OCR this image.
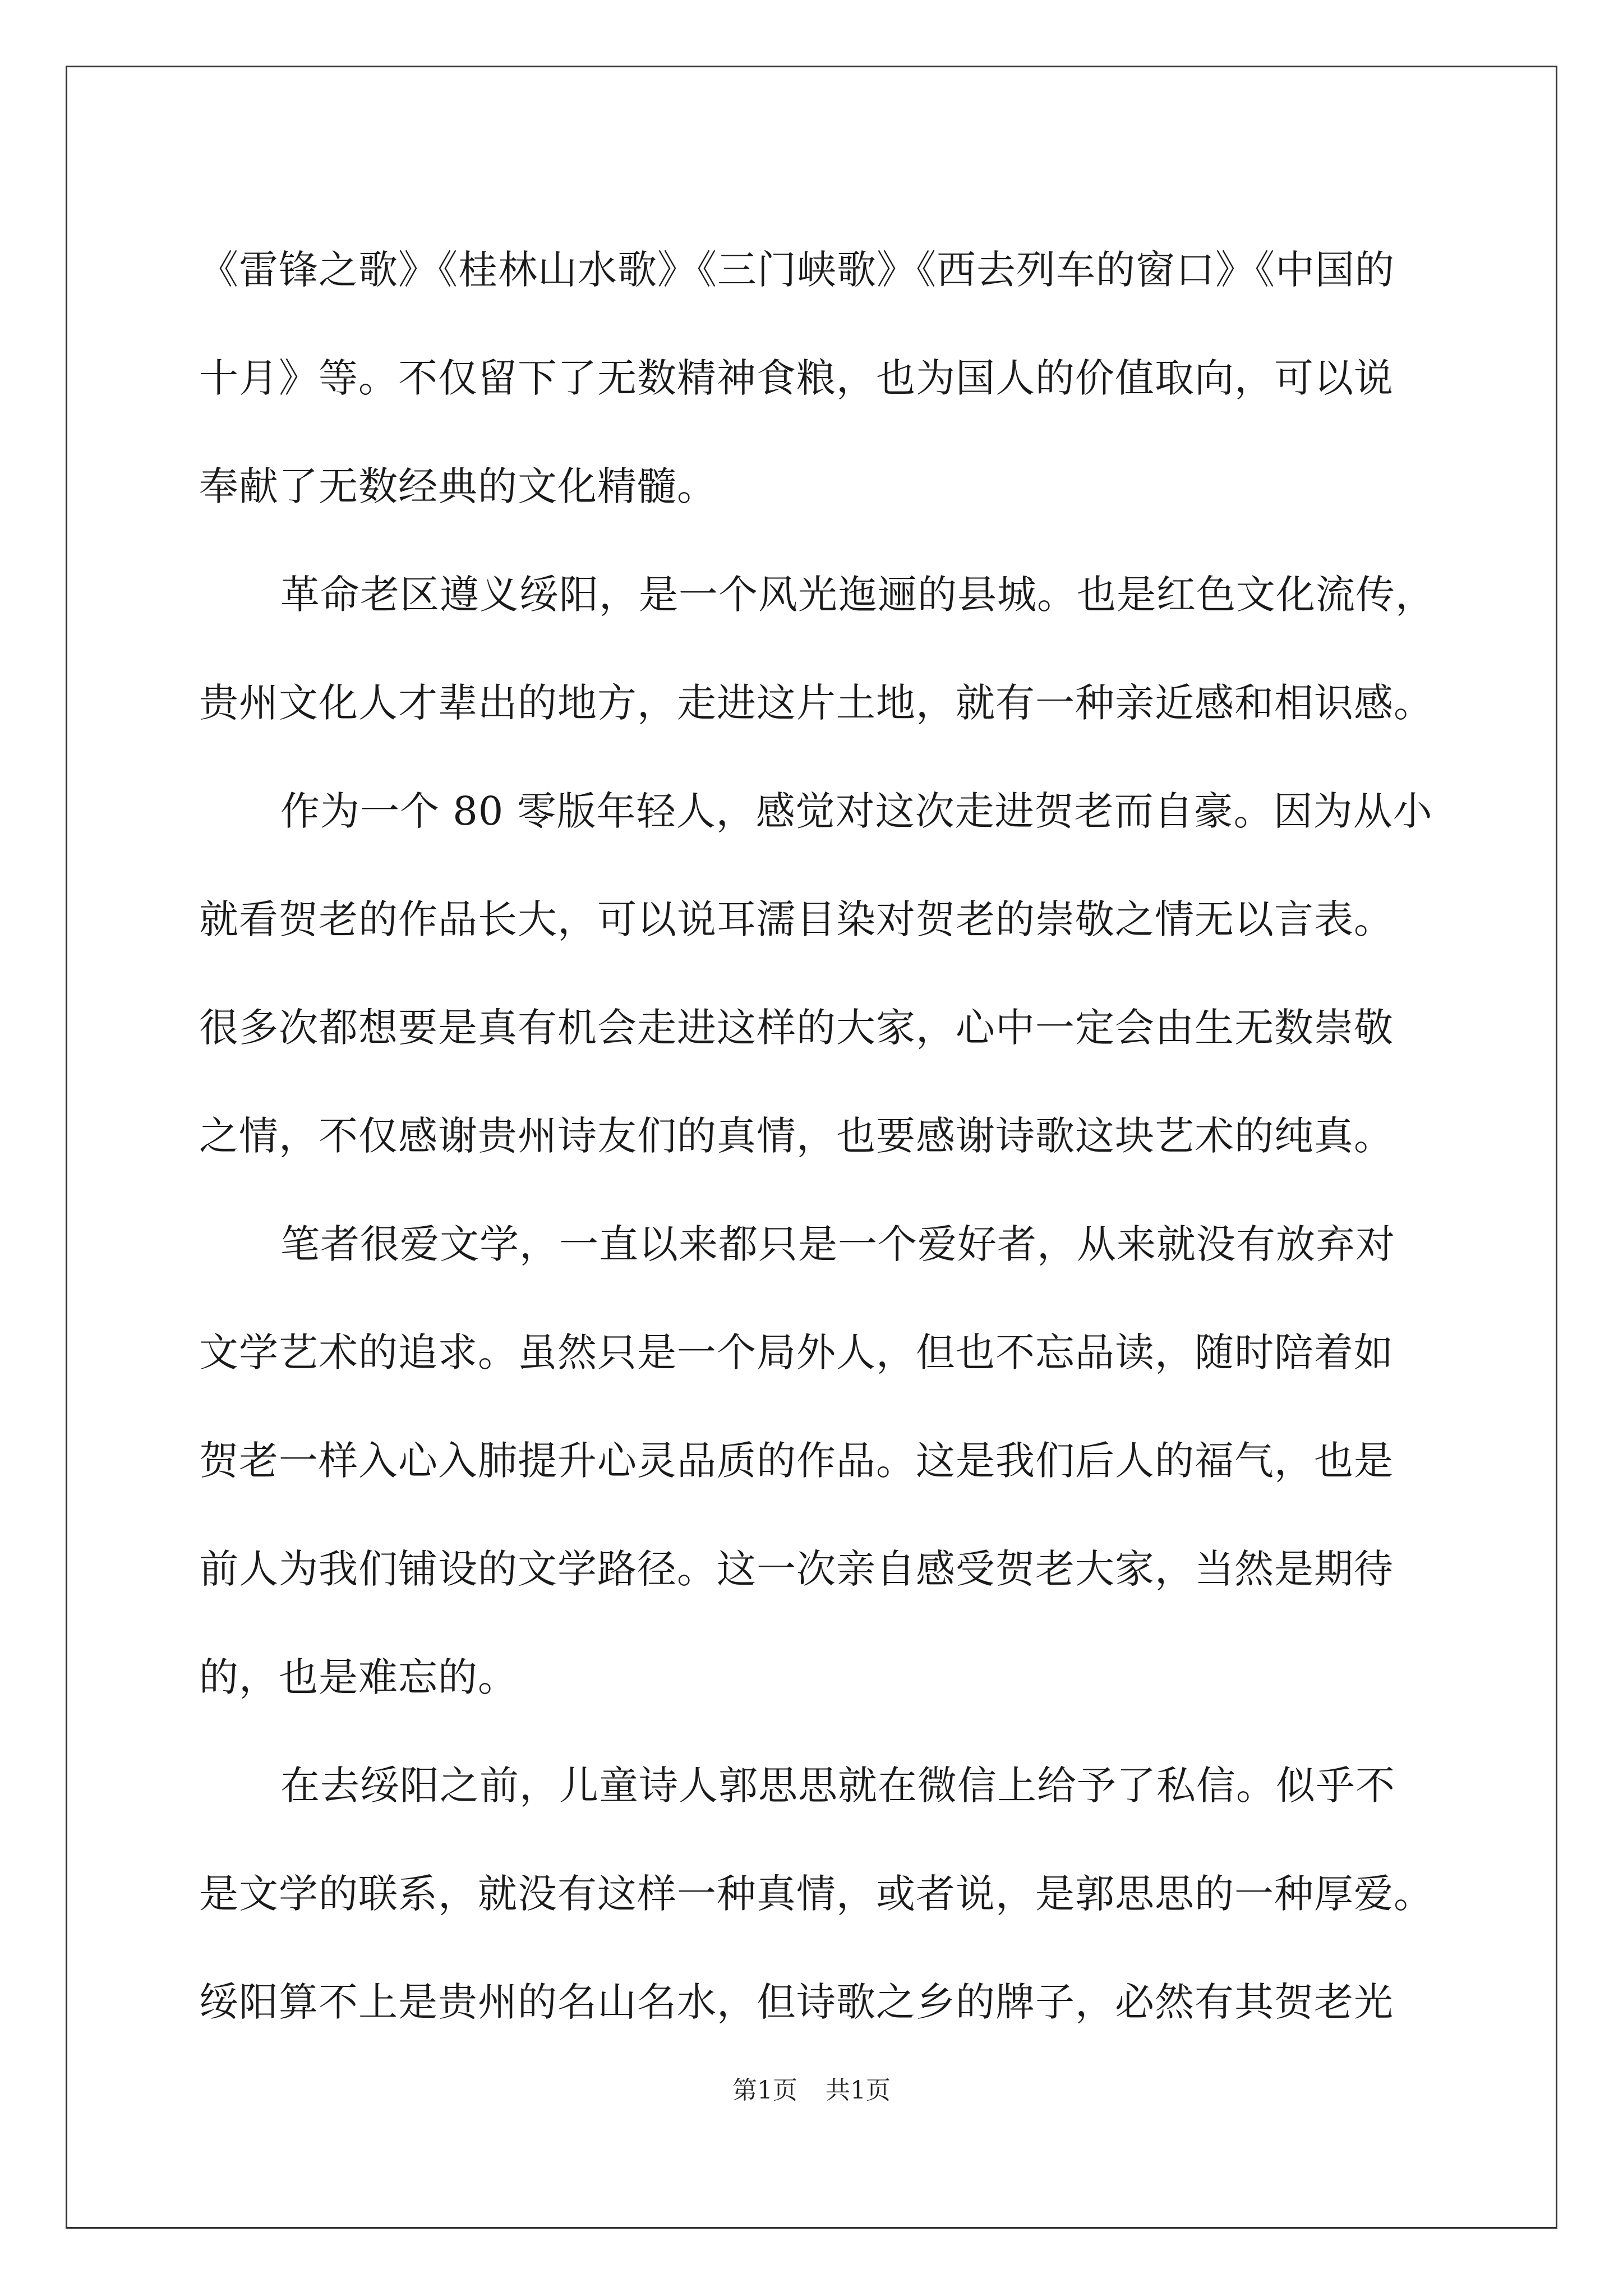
《雷锋之歌》《桂林山水歌》《三门峡歌》《西去列车的窗口》《中国的
十月》等。不仅留下了无数精神食粮，也为国人的价值取向，可以说
奉献了无数经典的文化精髓。
革命老区遵义绥阳，是一个风光迤逦的县城。也是红色文化流传，
贵州文化人才辈出的地方，走进这片土地，就有一种亲近感和相识感。
作为一个 80 零版年轻人，感觉对这次走进贺老而自豪。因为从小
就看贺老的作品长大，可以说耳濡目染对贺老的崇敬之情无以言表。
很多次都想要是真有机会走进这样的大家，心中一定会由生无数崇敬
之情，不仅感谢贵州诗友们的真情，也要感谢诗歌这块艺术的纯真。
笔者很爱文学，一直以来都只是一个爱好者，从来就没有放弃对
文学艺术的追求。虽然只是一个局外人，但也不忘品读，随时陪着如
贺老一样入心入肺提升心灵品质的作品。这是我们后人的福气，也是
前人为我们铺设的文学路径。这一次亲自感受贺老大家，当然是期待
的，也是难忘的。
在去绥阳之前，儿童诗人郭思思就在微信上给予了私信。似乎不
是文学的联系，就没有这样一种真情，或者说，是郭思思的一种厚爱。
绥阳算不上是贵州的名山名水，但诗歌之乡的牌子，必然有其贺老光
第1页 共1页
